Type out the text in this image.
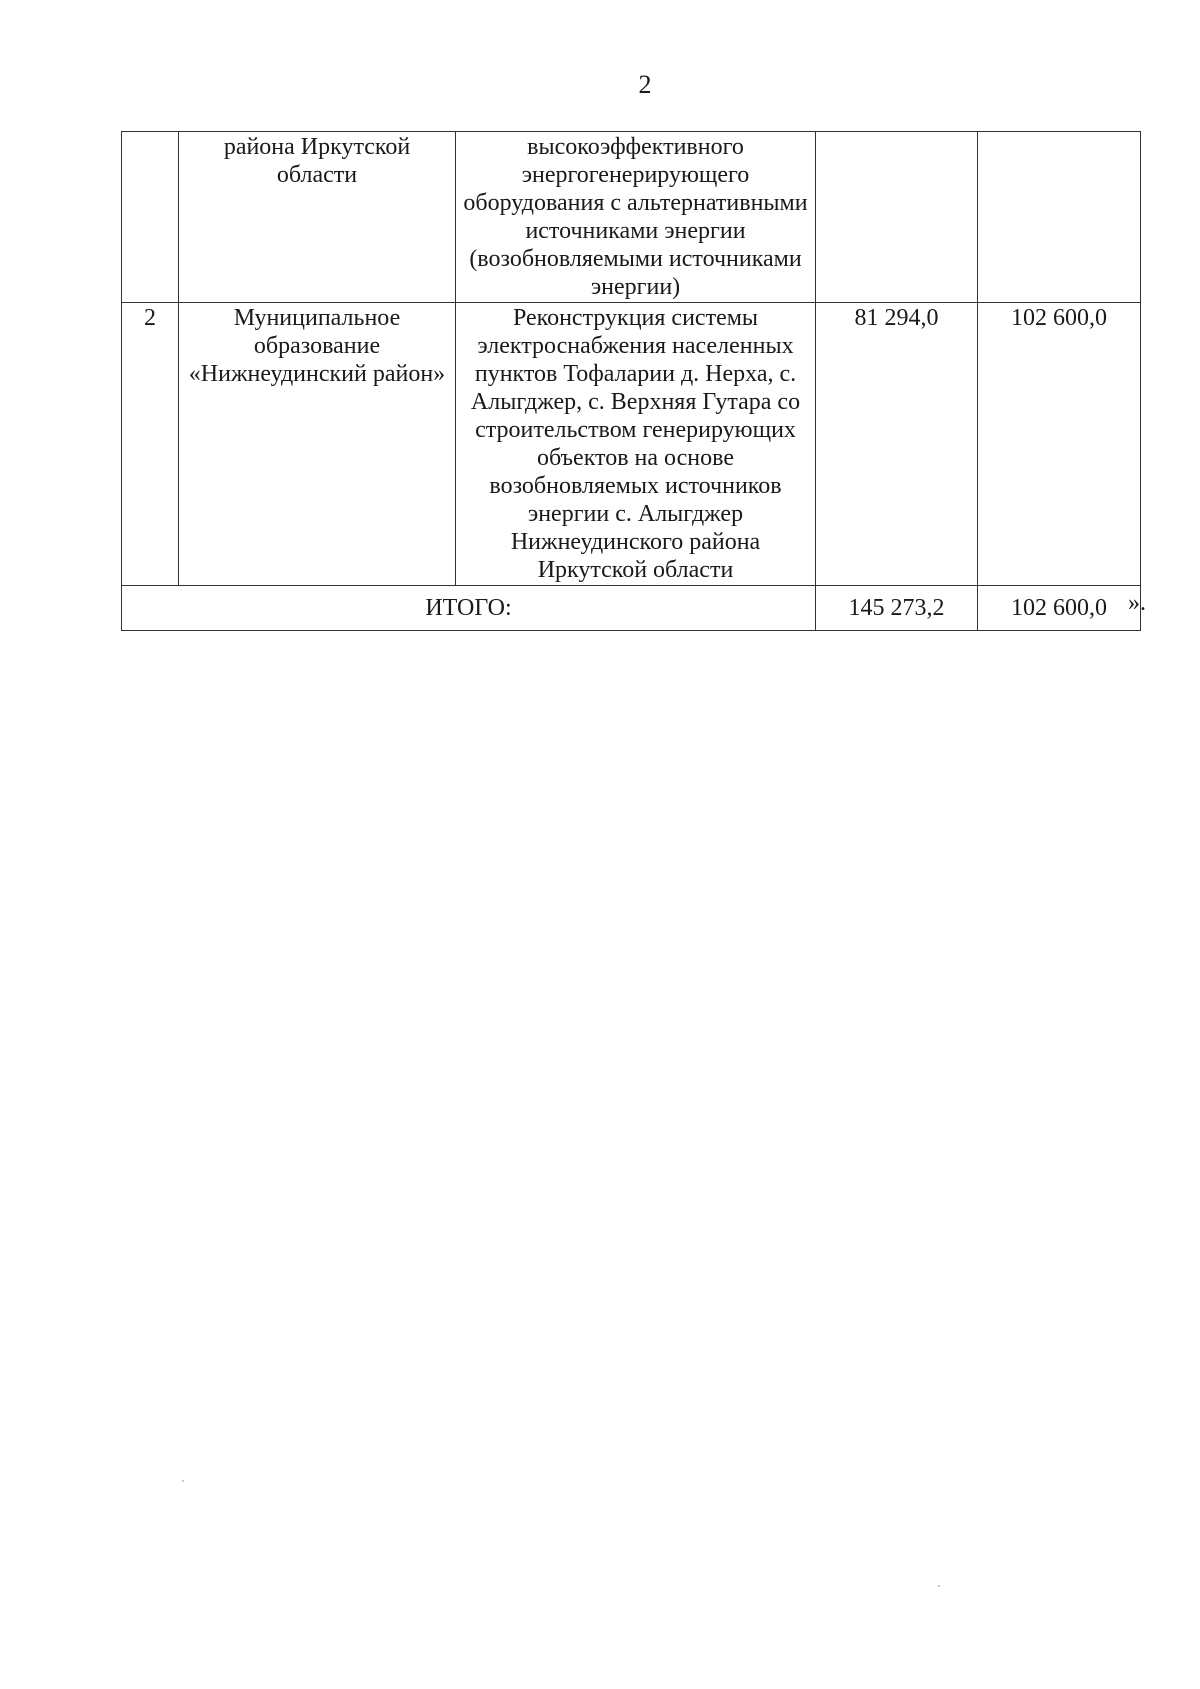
2
	района Иркутской области	высокоэффективного энергогенерирующего оборудования с альтернативными источниками энергии (возобновляемыми источниками энергии)		
2	Муниципальное образование «Нижнеудинский район»	Реконструкция системы электроснабжения населенных пунктов Тофаларии д. Нерха, с. Алыгджер, с. Верхняя Гутара со строительством генерирующих объектов на основе возобновляемых источников энергии с. Алыгджер Нижнеудинского района Иркутской области	81 294,0	102 600,0
ИТОГО:			145 273,2	102 600,0 ».
